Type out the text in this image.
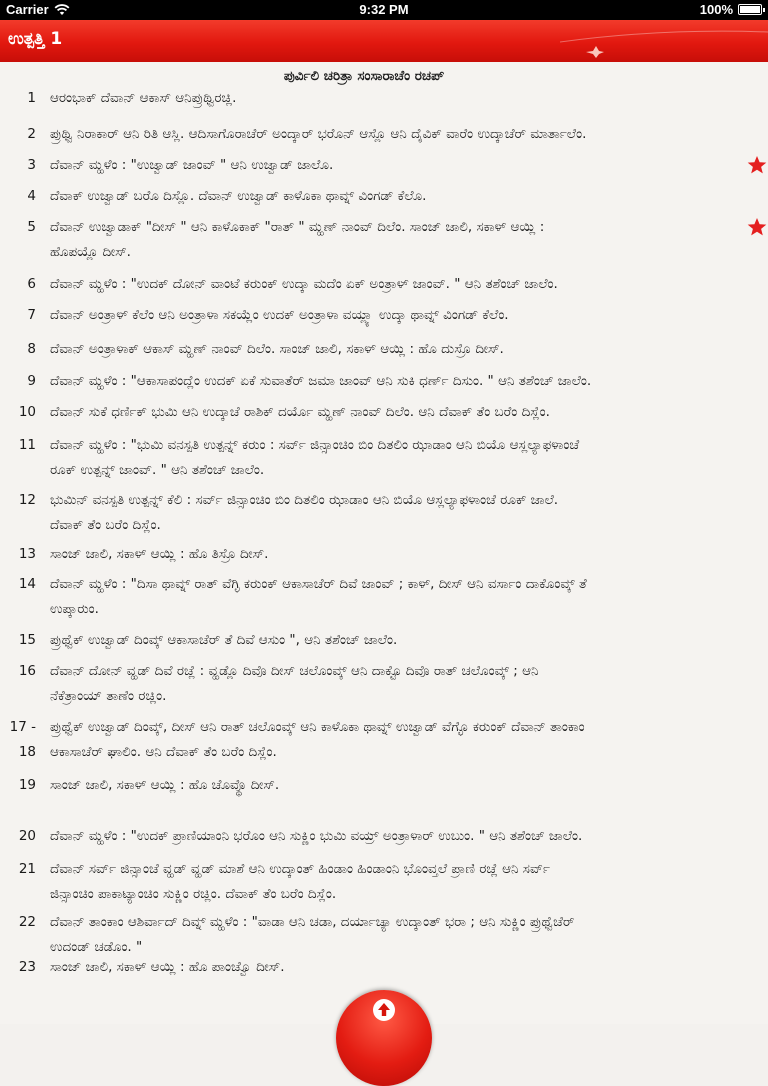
Carrier	9:32 PM	100%
ಉತ್ಪತ್ತಿ 1
ಪುರ್ವಿಲಿ ಚರಿತ್ರಾ ಸಂಸಾರಾಚೆಂ ರಚಪ್
1 ಆರಂಭಾಕ್ ದೆವಾನ್ ಆಕಾಸ್ ಆನಿಪ್ರುಥ್ವಿರಚ್ಲಿ.
2 ಪ್ರುಥ್ವಿ ನಿರಾಕಾರ್ ಆನಿ ರಿತಿ ಆಸ್ಲಿ. ಆದಿಸಾಗೊರಾಚೆರ್ ಅಂದ್ಕಾರ್ ಭರೊನ್ ಆಸ್ಲೊ ಆನಿ ದೈವಿಕ್ ವಾರೆಂ ಉದ್ಕಾಚೆರ್ ಮಾರ್ತಾಲೆಂ.
3 ದೆವಾನ್ ಮ್ಹಳೆಂ : "ಉಜ್ವಾಡ್ ಜಾಂವ್ " ಆನಿ ಉಜ್ವಾಡ್ ಜಾಲೊ.
4 ದೆವಾಕ್ ಉಜ್ವಾಡ್ ಬರೊ ದಿಸ್ಲೊ. ದೆವಾನ್ ಉಜ್ವಾಡ್ ಕಾಳೊಕಾ ಥಾವ್ನ್ ವಿಂಗಡ್ ಕೆಲೊ.
5 ದೆವಾನ್ ಉಜ್ವಾಡಾಕ್ "ದೀಸ್ " ಆನಿ ಕಾಳೊಕಾಕ್ "ರಾತ್ " ಮ್ಹಣ್ ನಾಂವ್ ದಿಲೆಂ. ಸಾಂಜ್ ಜಾಲಿ, ಸಕಾಳ್ ಆಯ್ಲಿ :
ಹೊಪಯ್ಲೊ ದೀಸ್.
6 ದೆವಾನ್ ಮ್ಹಳೆಂ : "ಉದಕ್ ದೋನ್ ವಾಂಟೆ ಕರುಂಕ್ ಉದ್ಕಾ ಮದೆಂ ಏಕ್ ಅಂತ್ರಾಳ್ ಜಾಂವ್. " ಆನಿ ತಶೆಂಚ್ ಜಾಲೆಂ.
7 ದೆವಾನ್ ಅಂತ್ರಾಳ್ ಕೆಲೆಂ ಆನಿ ಅಂತ್ರಾಳಾ ಸಕಯ್ಲೆಂ ಉದಕ್ ಅಂತ್ರಾಳಾ ವಯ್ಲ್ಯಾ ಉದ್ಕಾ ಥಾವ್ನ್ ವಿಂಗಡ್ ಕೆಲೆಂ.
8 ದೆವಾನ್ ಅಂತ್ರಾಳಾಕ್ ಆಕಾಸ್ ಮ್ಹಣ್ ನಾಂವ್ ದಿಲೆಂ. ಸಾಂಜ್ ಜಾಲಿ, ಸಕಾಳ್ ಆಯ್ಲಿ : ಹೊ ದುಸ್ರೊ ದೀಸ್.
9 ದೆವಾನ್ ಮ್ಹಳೆಂ : "ಆಕಾಸಾಪಂದ್ಲೆಂ ಉದಕ್ ಏಕೆ ಸುವಾತೆರ್ ಜಮಾ ಜಾಂವ್ ಆನಿ ಸುಕಿ ಧರ್ಣ್ ದಿಸುಂ. " ಆನಿ ತಶೆಂಚ್ ಜಾಲೆಂ.
10 ದೆವಾನ್ ಸುಕೆ ಧರ್ಣಿಕ್ ಭುಮಿ ಆನಿ ಉದ್ಕಾಚೆ ರಾಶಿಕ್ ದರ್ಯೊ ಮ್ಹಣ್ ನಾಂವ್ ದಿಲೆಂ. ಆನಿ ದೆವಾಕ್ ತೆಂ ಬರೆಂ ದಿಸ್ಲೆಂ.
11 ದೆವಾನ್ ಮ್ಹಳೆಂ : "ಭುಮಿ ವನಸ್ಪತಿ ಉತ್ಪನ್ನ್ ಕರುಂ : ಸರ್ವ್ ಜಿನ್ಸಾಂಚಿಂ ಬಿಂ ದಿತಲಿಂ ಝಾಡಾಂ ಆನಿ ಬಿಯೊ ಆಸ್ಲಲ್ಯಾಫಳಾಂಚೆ
ರೂಕ್ ಉತ್ಪನ್ನ್ ಜಾಂವ್. " ಆನಿ ತಶೆಂಚ್ ಜಾಲೆಂ.
12 ಭುಮಿನ್ ವನಸ್ಪತಿ ಉತ್ಪನ್ನ್ ಕೆಲಿ : ಸರ್ವ್ ಜಿನ್ಸಾಂಚಿಂ ಬಿಂ ದಿತಲಿಂ ಝಾಡಾಂ ಆನಿ ಬಿಯೊ ಆಸ್ಲಲ್ಯಾಫಳಾಂಚೆ ರೂಕ್ ಜಾಲೆ.
ದೆವಾಕ್ ತೆಂ ಬರೆಂ ದಿಸ್ಲೆಂ.
13 ಸಾಂಜ್ ಜಾಲಿ, ಸಕಾಳ್ ಆಯ್ಲಿ : ಹೊ ತಿಸ್ರೊ ದೀಸ್.
14 ದೆವಾನ್ ಮ್ಹಳೆಂ : "ದಿಸಾ ಥಾವ್ನ್ ರಾತ್ ವೆಗ್ಳಿ ಕರುಂಕ್ ಆಕಾಸಾಚೆರ್ ದಿವೆ ಜಾಂವ್ ; ಕಾಳ್, ದೀಸ್ ಆನಿ ವರ್ಸಾಂ ದಾಕೊಂವ್ಕ್ ತೆ
ಉಪ್ಕಾರುಂ.
15 ಪ್ರುಥ್ವೆಕ್ ಉಜ್ವಾಡ್ ದಿಂವ್ಕ್ ಆಕಾಸಾಚೆರ್ ತೆ ದಿವೆ ಆಸುಂ ", ಆನಿ ತಶೆಂಚ್ ಜಾಲೆಂ.
16 ದೆವಾನ್ ದೋನ್ ವ್ಹಡ್ ದಿವೆ ರಚ್ಲೆ : ವ್ಹಡ್ಲೊ ದಿವೊ ದೀಸ್ ಚಲೊಂವ್ಕ್ ಆನಿ ದಾಕ್ಟೊ ದಿವೊ ರಾತ್ ಚಲೊಂವ್ಕ್ ; ಆನಿ
ನೆಕೆತ್ರಾಂಯ್ ತಾಣೆಂ ರಚ್ಲಿಂ.
17 -
18
ಪ್ರುಥ್ವೆಕ್ ಉಜ್ವಾಡ್ ದಿಂವ್ಕ್, ದೀಸ್ ಆನಿ ರಾತ್ ಚಲೊಂವ್ಕ್ ಆನಿ ಕಾಳೊಕಾ ಥಾವ್ನ್ ಉಜ್ವಾಡ್ ವೆಗ್ಳೊ ಕರುಂಕ್ ದೆವಾನ್ ತಾಂಕಾಂ
ಆಕಾಸಾಚೆರ್ ಘಾಲಿಂ. ಆನಿ ದೆವಾಕ್ ತೆಂ ಬರೆಂ ದಿಸ್ಲೆಂ.
19 ಸಾಂಜ್ ಜಾಲಿ, ಸಕಾಳ್ ಆಯ್ಲಿ : ಹೊ ಚೊವ್ಥೊ ದೀಸ್.
20 ದೆವಾನ್ ಮ್ಹಳೆಂ : "ಉದಕ್ ಪ್ರಾಣಿಯಾಂನಿ ಭರೊಂ ಆನಿ ಸುಕ್ಣಿಂ ಭುಮಿ ವಯ್ರ್ ಅಂತ್ರಾಳಾರ್ ಉಬುಂ. " ಆನಿ ತಶೆಂಚ್ ಜಾಲೆಂ.
21 ದೆವಾನ್ ಸರ್ವ್ ಜಿನ್ಸಾಂಚೆ ವ್ಹಡ್ ವ್ಹಡ್ ಮಾಶೆ ಆನಿ ಉದ್ಕಾಂತ್ ಹಿಂಡಾಂ ಹಿಂಡಾಂನಿ ಭೊಂವ್ತಲೆ ಪ್ರಾಣಿ ರಚ್ಲೆ ಆನಿ ಸರ್ವ್
ಜಿನ್ಸಾಂಚಿಂ ಪಾಕಾಟ್ಯಾಂಚಿಂ ಸುಕ್ಣಿಂ ರಚ್ಲಿಂ. ದೆವಾಕ್ ತೆಂ ಬರೆಂ ದಿಸ್ಲೆಂ.
22 ದೆವಾನ್ ತಾಂಕಾಂ ಆಶಿರ್ವಾದ್ ದಿವ್ನ್ ಮ್ಹಳೆಂ : "ವಾಡಾ ಆನಿ ಚಡಾ, ದರ್ಯಾಚ್ಯಾ ಉದ್ಕಾಂತ್ ಭರಾ ; ಆನಿ ಸುಕ್ಣಿಂ ಪ್ರುಥ್ವೆಚೆರ್
ಉದಂಡ್ ಚಡೊಂ. "
23 ಸಾಂಜ್ ಜಾಲಿ, ಸಕಾಳ್ ಆಯ್ಲಿ : ಹೊ ಪಾಂಚ್ವೊ ದೀಸ್.
